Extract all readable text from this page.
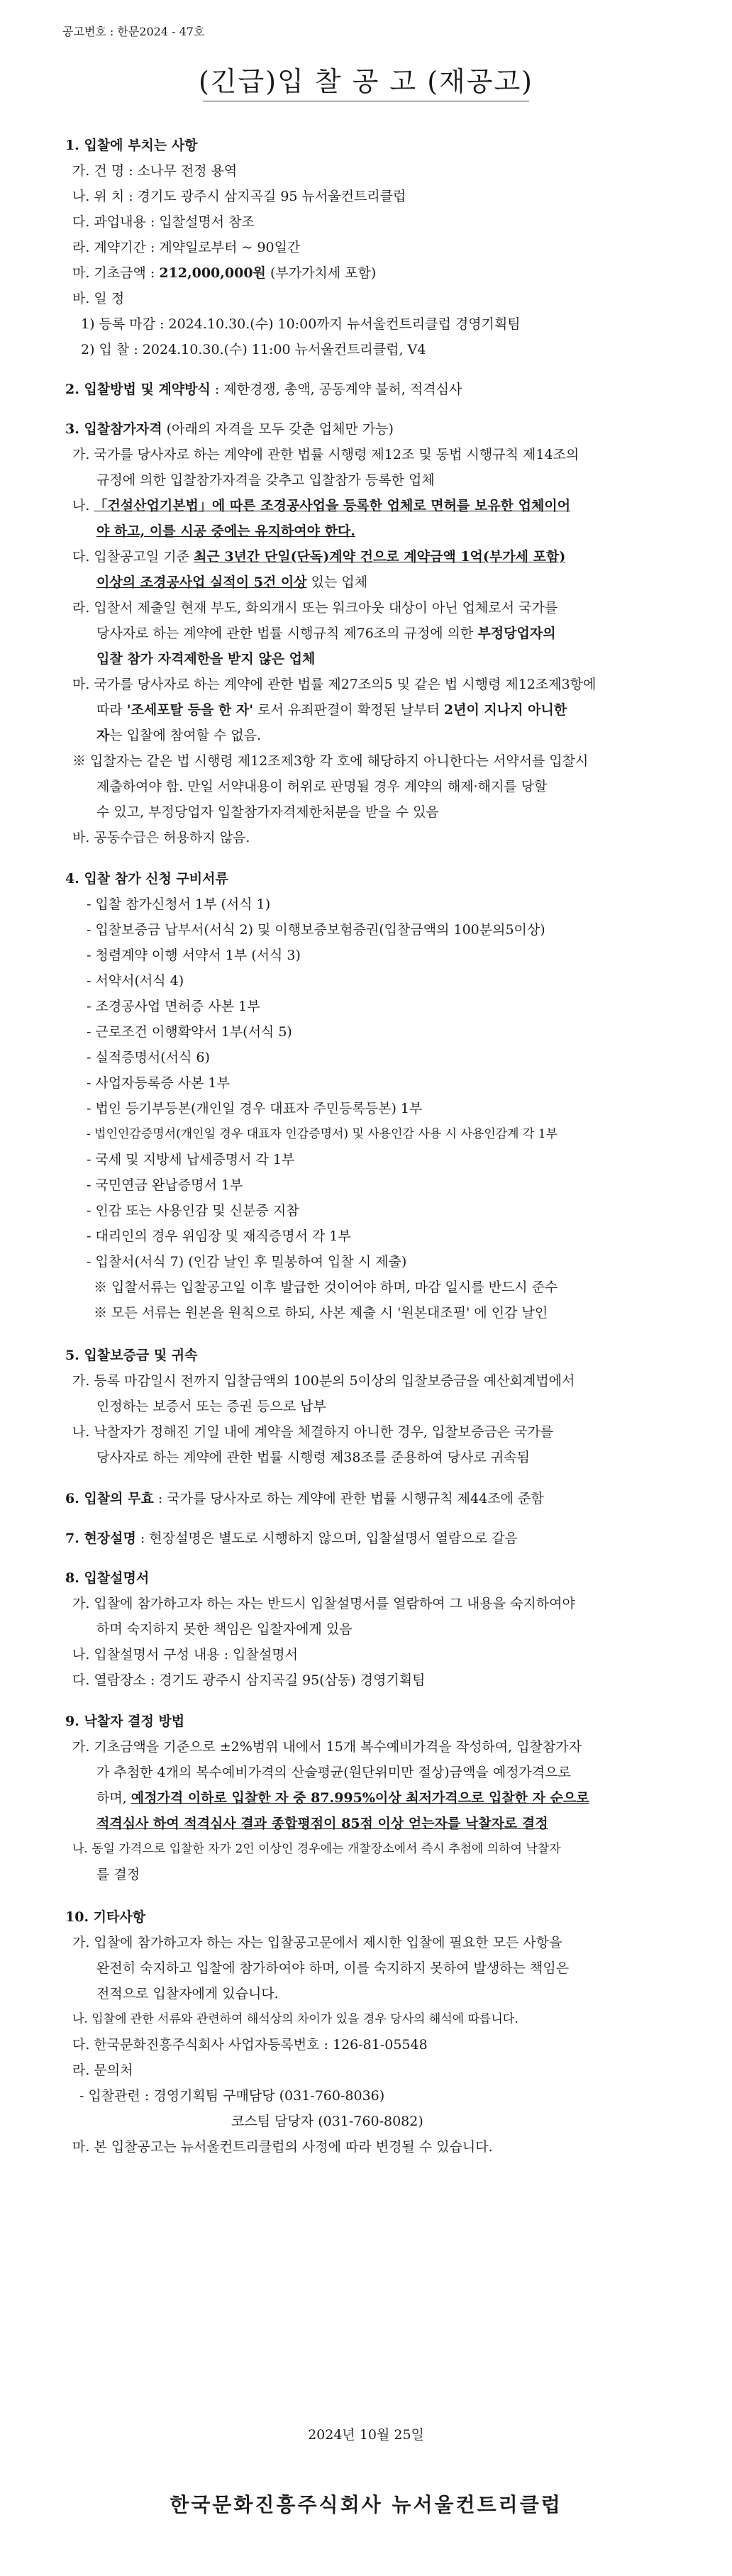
공고번호 : 한문2024 - 47호
(긴급)입 찰 공 고 (재공고)
1. 입찰에 부치는 사항
가. 건 명 : 소나무 전정 용역
나. 위 치 : 경기도 광주시 삼지곡길 95 뉴서울컨트리클럽
다. 과업내용 : 입찰설명서 참조
라. 계약기간 : 계약일로부터 ~ 90일간
마. 기초금액 : 212,000,000원 (부가가치세 포함)
바. 일 정
1) 등록 마감 : 2024.10.30.(수) 10:00까지 뉴서울컨트리클럽 경영기획팀
2) 입 찰 : 2024.10.30.(수) 11:00 뉴서울컨트리클럽, V4
2. 입찰방법 및 계약방식 : 제한경쟁, 총액, 공동계약 불허, 적격심사
3. 입찰참가자격 (아래의 자격을 모두 갖춘 업체만 가능)
가. 국가를 당사자로 하는 계약에 관한 법률 시행령 제12조 및 동법 시행규칙 제14조의
규정에 의한 입찰참가자격을 갖추고 입찰참가 등록한 업체
나. 「건설산업기본법」에 따른 조경공사업을 등록한 업체로 면허를 보유한 업체이어
야 하고, 이를 시공 중에는 유지하여야 한다.
다. 입찰공고일 기준 최근 3년간 단일(단독)계약 건으로 계약금액 1억(부가세 포함)
이상의 조경공사업 실적이 5건 이상 있는 업체
라. 입찰서 제출일 현재 부도, 화의개시 또는 워크아웃 대상이 아닌 업체로서 국가를
당사자로 하는 계약에 관한 법률 시행규칙 제76조의 규정에 의한 부정당업자의
입찰 참가 자격제한을 받지 않은 업체
마. 국가를 당사자로 하는 계약에 관한 법률 제27조의5 및 같은 법 시행령 제12조제3항에
따라 '조세포탈 등을 한 자' 로서 유죄판결이 확정된 날부터 2년이 지나지 아니한
자는 입찰에 참여할 수 없음.
※ 입찰자는 같은 법 시행령 제12조제3항 각 호에 해당하지 아니한다는 서약서를 입찰시
제출하여야 함. 만일 서약내용이 허위로 판명될 경우 계약의 해제·해지를 당할
수 있고, 부정당업자 입찰참가자격제한처분을 받을 수 있음
바. 공동수급은 허용하지 않음.
4. 입찰 참가 신청 구비서류
- 입찰 참가신청서 1부 (서식 1)
- 입찰보증금 납부서(서식 2) 및 이행보증보험증권(입찰금액의 100분의5이상)
- 청렴계약 이행 서약서 1부 (서식 3)
- 서약서(서식 4)
- 조경공사업 면허증 사본 1부
- 근로조건 이행확약서 1부(서식 5)
- 실적증명서(서식 6)
- 사업자등록증 사본 1부
- 법인 등기부등본(개인일 경우 대표자 주민등록등본) 1부
- 법인인감증명서(개인일 경우 대표자 인감증명서) 및 사용인감 사용 시 사용인감계 각 1부
- 국세 및 지방세 납세증명서 각 1부
- 국민연금 완납증명서 1부
- 인감 또는 사용인감 및 신분증 지참
- 대리인의 경우 위임장 및 재직증명서 각 1부
- 입찰서(서식 7) (인감 날인 후 밀봉하여 입찰 시 제출)
※ 입찰서류는 입찰공고일 이후 발급한 것이어야 하며, 마감 일시를 반드시 준수
※ 모든 서류는 원본을 원칙으로 하되, 사본 제출 시 '원본대조필' 에 인감 날인
5. 입찰보증금 및 귀속
가. 등록 마감일시 전까지 입찰금액의 100분의 5이상의 입찰보증금을 예산회계법에서
인정하는 보증서 또는 증권 등으로 납부
나. 낙찰자가 정해진 기일 내에 계약을 체결하지 아니한 경우, 입찰보증금은 국가를
당사자로 하는 계약에 관한 법률 시행령 제38조를 준용하여 당사로 귀속됨
6. 입찰의 무효 : 국가를 당사자로 하는 계약에 관한 법률 시행규칙 제44조에 준함
7. 현장설명 : 현장설명은 별도로 시행하지 않으며, 입찰설명서 열람으로 갈음
8. 입찰설명서
가. 입찰에 참가하고자 하는 자는 반드시 입찰설명서를 열람하여 그 내용을 숙지하여야
하며 숙지하지 못한 책임은 입찰자에게 있음
나. 입찰설명서 구성 내용 : 입찰설명서
다. 열람장소 : 경기도 광주시 삼지곡길 95(삼동) 경영기획팀
9. 낙찰자 결정 방법
가. 기초금액을 기준으로 ±2%범위 내에서 15개 복수예비가격을 작성하여, 입찰참가자
가 추첨한 4개의 복수예비가격의 산술평균(원단위미만 절상)금액을 예정가격으로
하며, 예정가격 이하로 입찰한 자 중 87.995%이상 최저가격으로 입찰한 자 순으로
적격심사 하여 적격심사 결과 종합평점이 85점 이상 얻는자를 낙찰자로 결정
나. 동일 가격으로 입찰한 자가 2인 이상인 경우에는 개찰장소에서 즉시 추첨에 의하여 낙찰자
를 결정
10. 기타사항
가. 입찰에 참가하고자 하는 자는 입찰공고문에서 제시한 입찰에 필요한 모든 사항을
완전히 숙지하고 입찰에 참가하여야 하며, 이를 숙지하지 못하여 발생하는 책임은
전적으로 입찰자에게 있습니다.
나. 입찰에 관한 서류와 관련하여 해석상의 차이가 있을 경우 당사의 해석에 따릅니다.
다. 한국문화진흥주식회사 사업자등록번호 : 126-81-05548
라. 문의처
- 입찰관련 : 경영기획팀 구매담당 (031-760-8036)
코스팀 담당자 (031-760-8082)
마. 본 입찰공고는 뉴서울컨트리클럽의 사정에 따라 변경될 수 있습니다.
2024년 10월 25일
한국문화진흥주식회사 뉴서울컨트리클럽
